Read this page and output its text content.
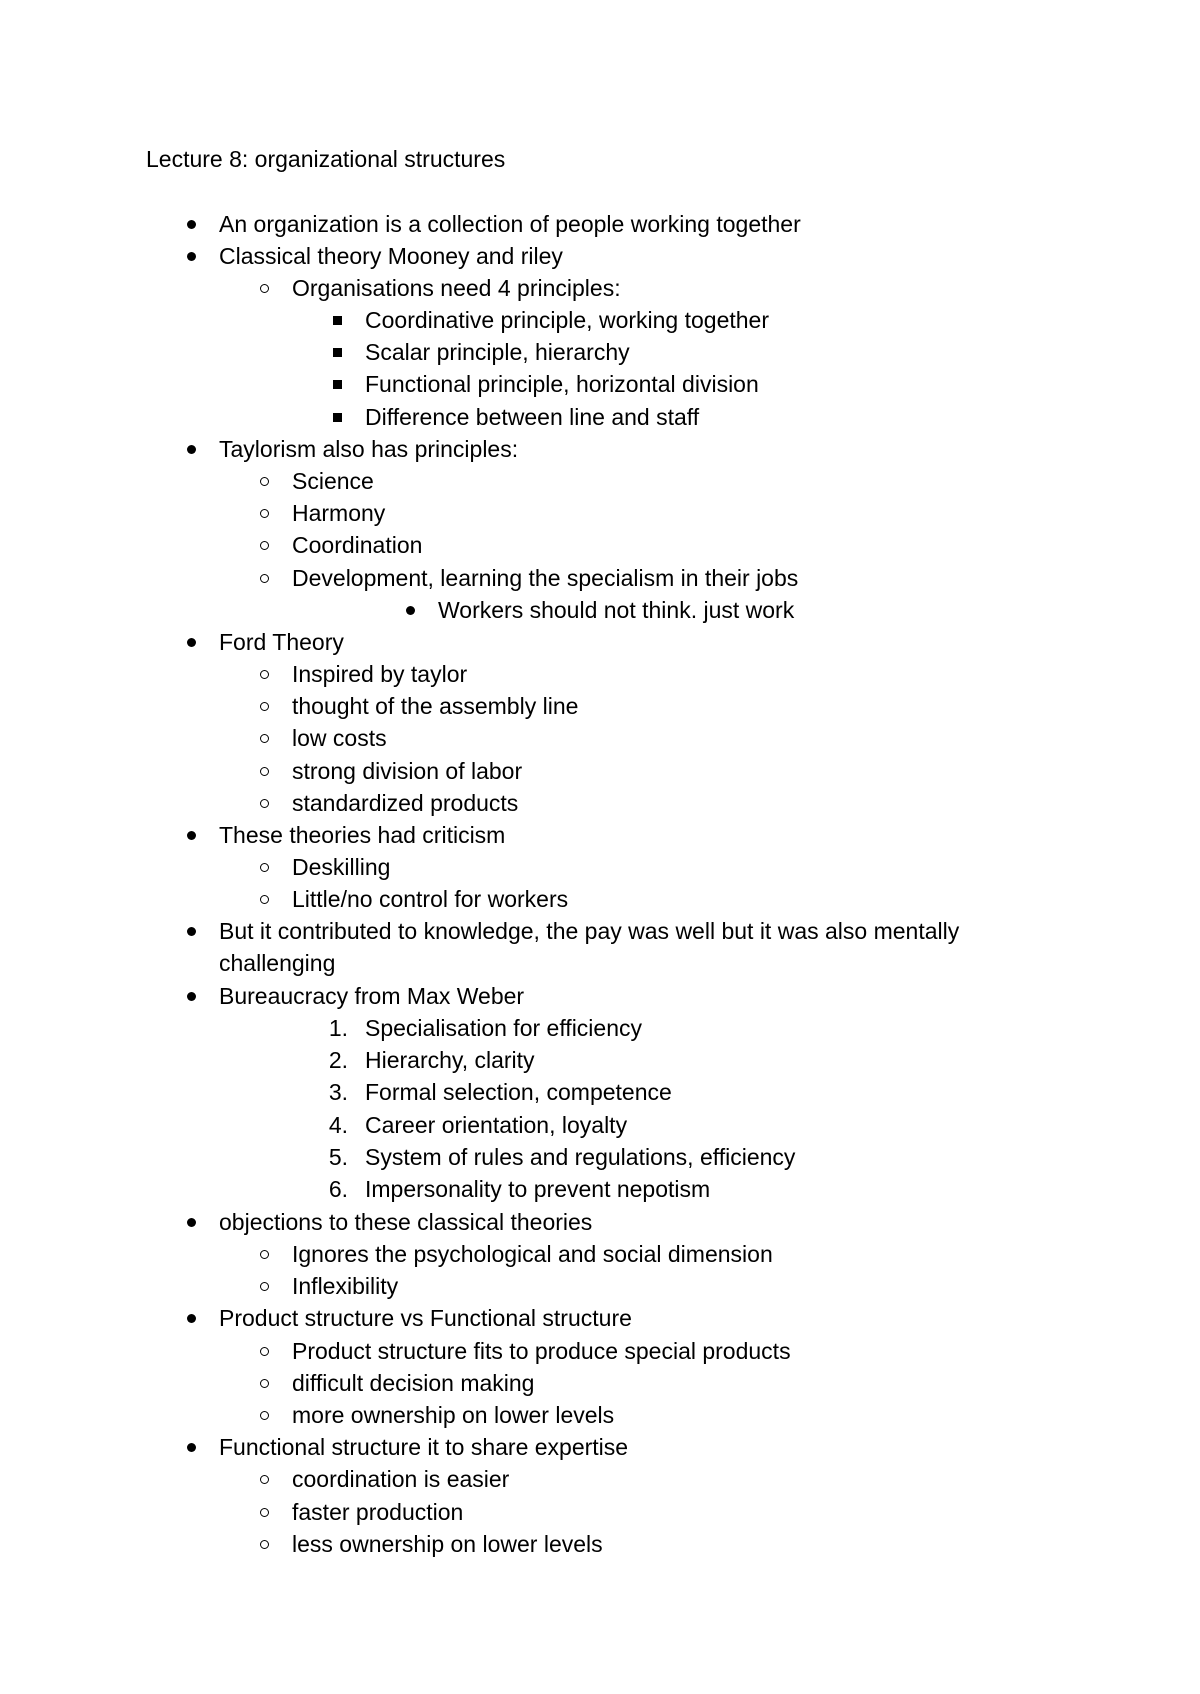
Lecture 8: organizational structures
An organization is a collection of people working together
Classical theory Mooney and riley
Organisations need 4 principles:
Coordinative principle, working together
Scalar principle, hierarchy
Functional principle, horizontal division
Difference between line and staff
Taylorism also has principles:
Science
Harmony
Coordination
Development, learning the specialism in their jobs
Workers should not think. just work
Ford Theory
Inspired by taylor
thought of the assembly line
low costs
strong division of labor
standardized products
These theories had criticism
Deskilling
Little/no control for workers
But it contributed to knowledge, the pay was well but it was also mentally challenging
Bureaucracy from Max Weber
1. Specialisation for efficiency
2. Hierarchy, clarity
3. Formal selection, competence
4. Career orientation, loyalty
5. System of rules and regulations, efficiency
6. Impersonality to prevent nepotism
objections to these classical theories
Ignores the psychological and social dimension
Inflexibility
Product structure vs Functional structure
Product structure fits to produce special products
difficult decision making
more ownership on lower levels
Functional structure it to share expertise
coordination is easier
faster production
less ownership on lower levels
